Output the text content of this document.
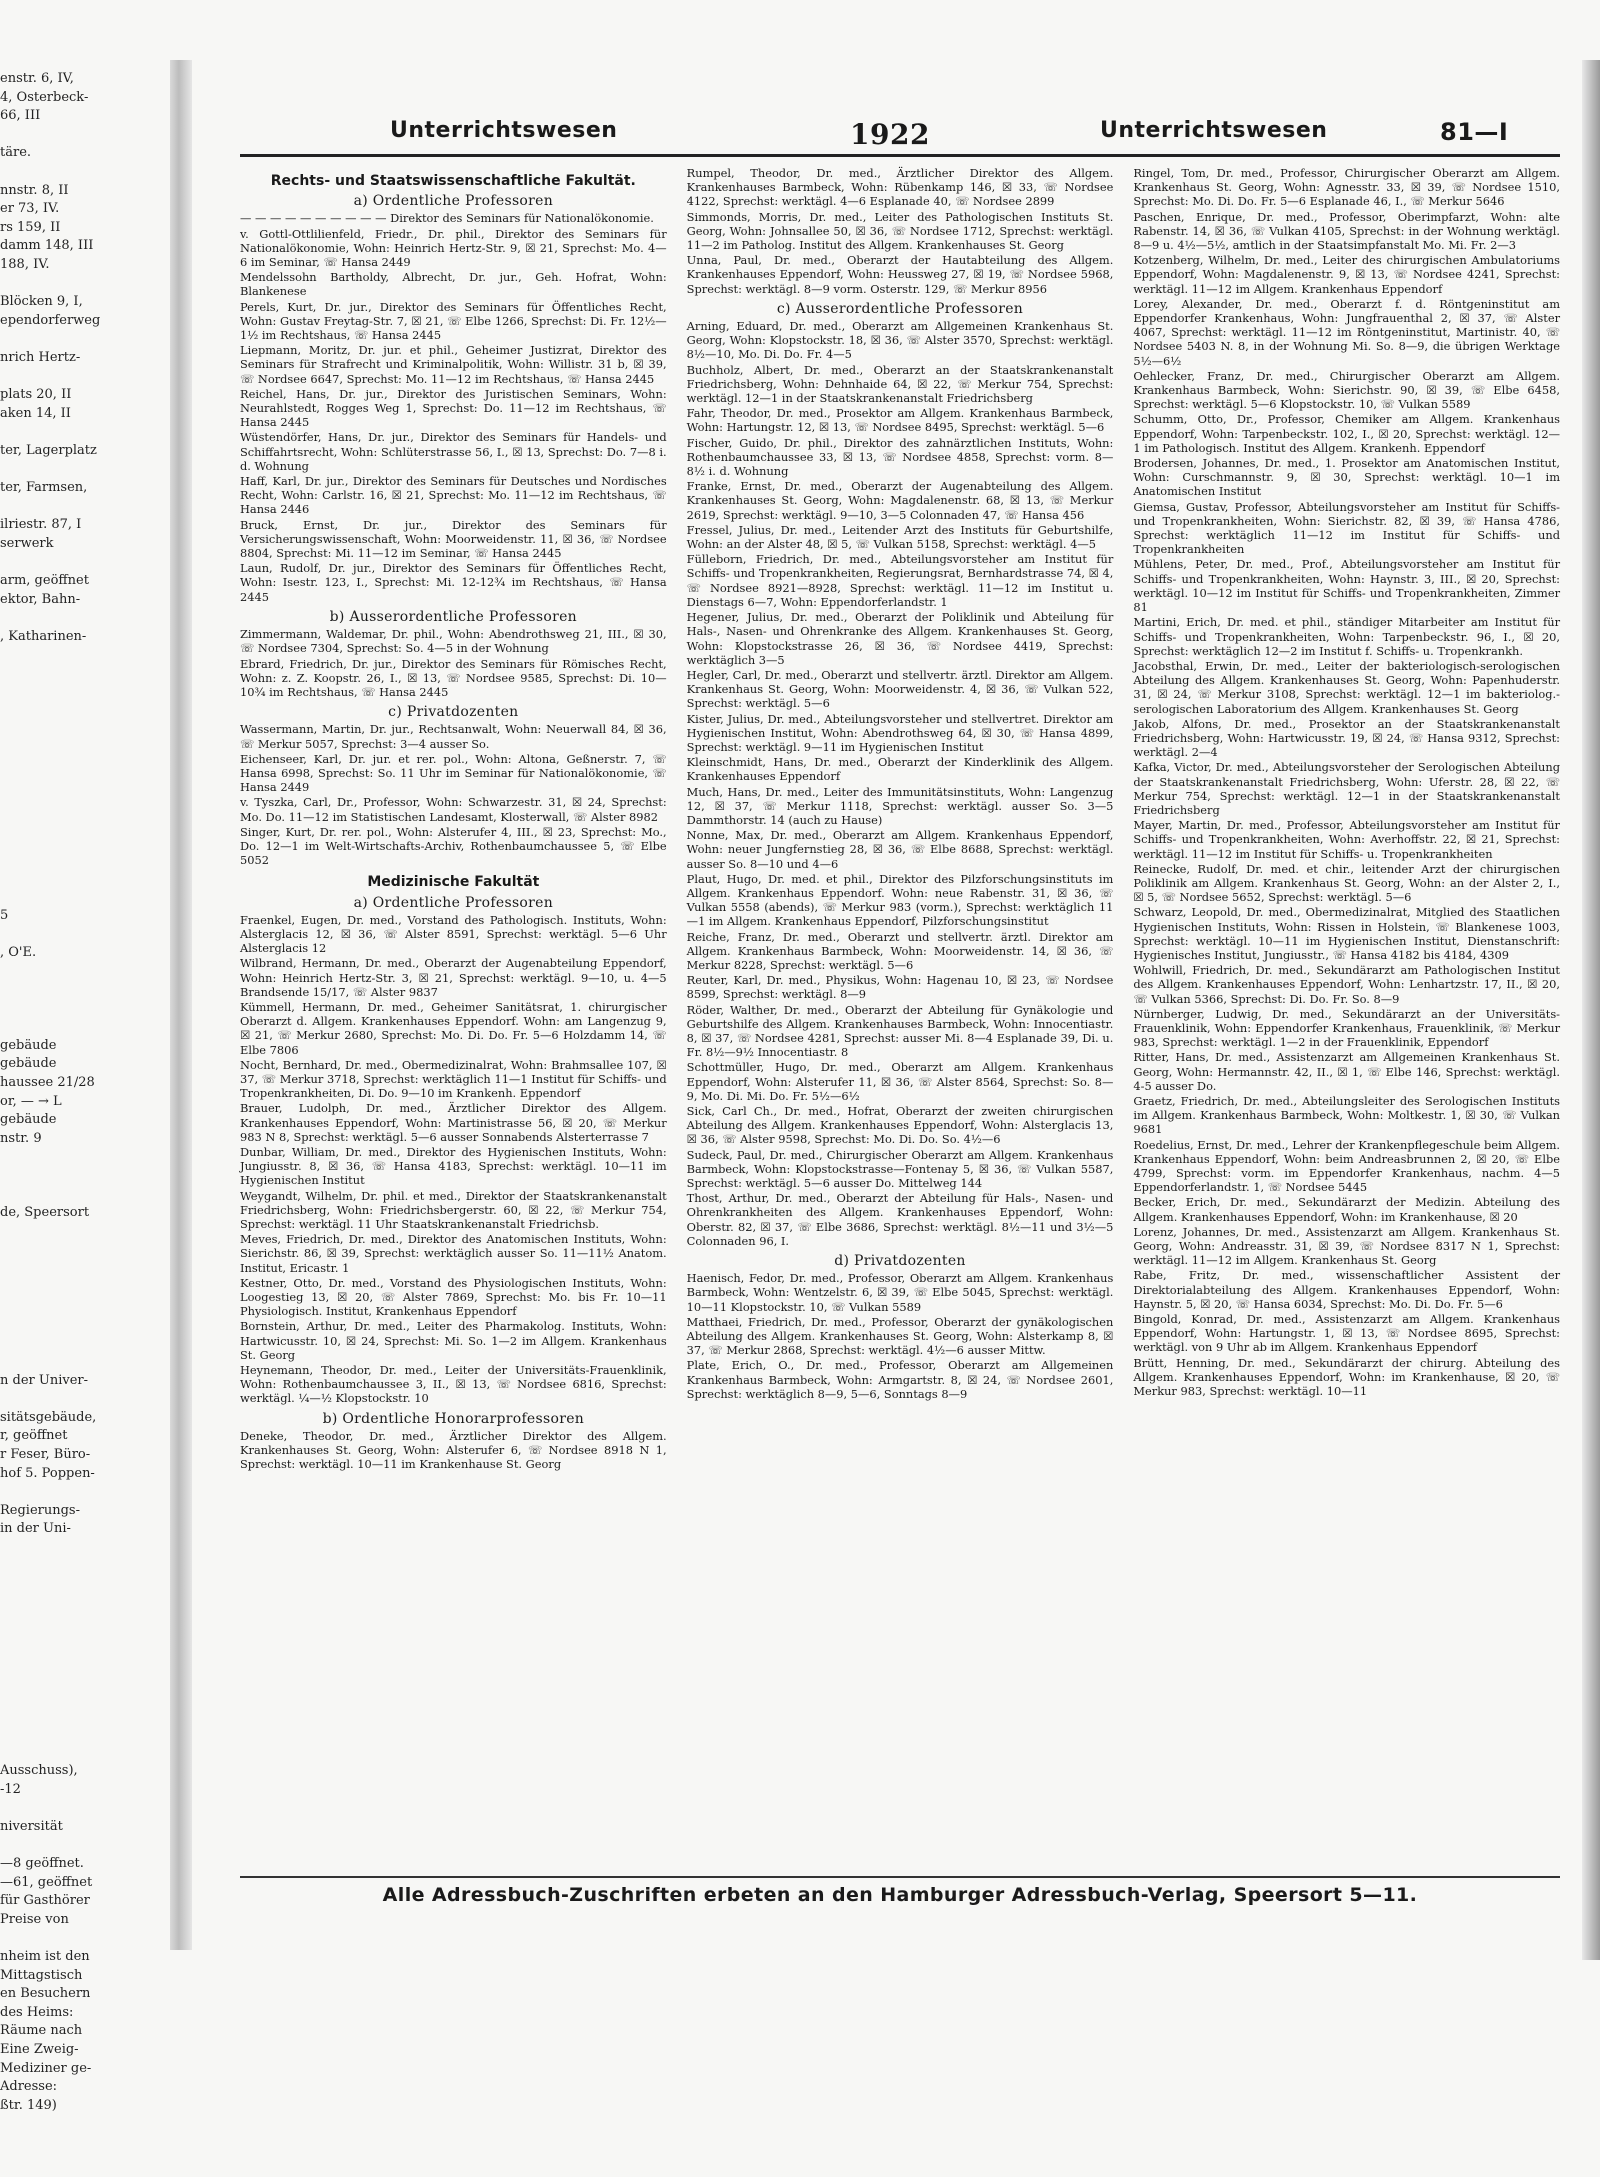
enstr. 6, IV,
4, Osterbeck-
66, III

täre.

nnstr. 8, II
er 73, IV.
rs 159, II
damm 148, III
188, IV.

Blöcken 9, I,
ependorferweg

nrich Hertz-

plats 20, II
aken 14, II

ter, Lagerplatz

ter, Farmsen,

ilriestr. 87, I
serwerk

arm, geöffnet
ektor, Bahn-

, Katharinen-

5

, O'E.

gebäude
gebäude
haussee 21/28
or, — → L
gebäude
nstr. 9

de, Speersort

n der Univer-

sitätsgebäude,
r, geöffnet
r Feser, Büro-
hof 5. Poppen-

Regierungs-
in der Uni-

Ausschuss),
-12

niversität

—8 geöffnet.
—61, geöffnet
für Gasthörer
Preise von

nheim ist den
Mittagstisch
en Besuchern
des Heims:
Räume nach
Eine Zweig-
Mediziner ge-
Adresse:
ßtr. 149)
Unterrichtswesen	1922	Unterrichtswesen	81—I
Rechts- und Staatswissenschaftliche Fakultät.
a) Ordentliche Professoren
— — — — — — — — — — Direktor des Seminars für Nationalökonomie.
v. Gottl-Ottlilienfeld, Friedr., Dr. phil., Direktor des Seminars für Nationalökonomie, Wohn: Heinrich Hertz-Str. 9, ☒ 21, Sprechst: Mo. 4—6 im Seminar, ☏ Hansa 2449
Mendelssohn Bartholdy, Albrecht, Dr. jur., Geh. Hofrat, Wohn: Blankenese
Perels, Kurt, Dr. jur., Direktor des Seminars für Öffentliches Recht, Wohn: Gustav Freytag-Str. 7, ☒ 21, ☏ Elbe 1266, Sprechst: Di. Fr. 12½—1½ im Rechtshaus, ☏ Hansa 2445
Liepmann, Moritz, Dr. jur. et phil., Geheimer Justizrat, Direktor des Seminars für Strafrecht und Kriminalpolitik, Wohn: Willistr. 31 b, ☒ 39, ☏ Nordsee 6647, Sprechst: Mo. 11—12 im Rechtshaus, ☏ Hansa 2445
Reichel, Hans, Dr. jur., Direktor des Juristischen Seminars, Wohn: Neurahlstedt, Rogges Weg 1, Sprechst: Do. 11—12 im Rechtshaus, ☏ Hansa 2445
Wüstendörfer, Hans, Dr. jur., Direktor des Seminars für Handels- und Schiffahrtsrecht, Wohn: Schlüterstrasse 56, I., ☒ 13, Sprechst: Do. 7—8 i. d. Wohnung
Haff, Karl, Dr. jur., Direktor des Seminars für Deutsches und Nordisches Recht, Wohn: Carlstr. 16, ☒ 21, Sprechst: Mo. 11—12 im Rechtshaus, ☏ Hansa 2446
Bruck, Ernst, Dr. jur., Direktor des Seminars für Versicherungswissenschaft, Wohn: Moorweidenstr. 11, ☒ 36, ☏ Nordsee 8804, Sprechst: Mi. 11—12 im Seminar, ☏ Hansa 2445
Laun, Rudolf, Dr. jur., Direktor des Seminars für Öffentliches Recht, Wohn: Isestr. 123, I., Sprechst: Mi. 12-12¾ im Rechtshaus, ☏ Hansa 2445
b) Ausserordentliche Professoren
Zimmermann, Waldemar, Dr. phil., Wohn: Abendrothsweg 21, III., ☒ 30, ☏ Nordsee 7304, Sprechst: So. 4—5 in der Wohnung
Ebrard, Friedrich, Dr. jur., Direktor des Seminars für Römisches Recht, Wohn: z. Z. Koopstr. 26, I., ☒ 13, ☏ Nordsee 9585, Sprechst: Di. 10—10¾ im Rechtshaus, ☏ Hansa 2445
c) Privatdozenten
Wassermann, Martin, Dr. jur., Rechtsanwalt, Wohn: Neuerwall 84, ☒ 36, ☏ Merkur 5057, Sprechst: 3—4 ausser So.
Eichenseer, Karl, Dr. jur. et rer. pol., Wohn: Altona, Geßnerstr. 7, ☏ Hansa 6998, Sprechst: So. 11 Uhr im Seminar für Nationalökonomie, ☏ Hansa 2449
v. Tyszka, Carl, Dr., Professor, Wohn: Schwarzestr. 31, ☒ 24, Sprechst: Mo. Do. 11—12 im Statistischen Landesamt, Klosterwall, ☏ Alster 8982
Singer, Kurt, Dr. rer. pol., Wohn: Alsterufer 4, III., ☒ 23, Sprechst: Mo., Do. 12—1 im Welt-Wirtschafts-Archiv, Rothenbaumchaussee 5, ☏ Elbe 5052
Medizinische Fakultät
a) Ordentliche Professoren
Fraenkel, Eugen, Dr. med., Vorstand des Pathologisch. Instituts, Wohn: Alsterglacis 12, ☒ 36, ☏ Alster 8591, Sprechst: werktägl. 5—6 Uhr Alsterglacis 12
Wilbrand, Hermann, Dr. med., Oberarzt der Augenabteilung Eppendorf, Wohn: Heinrich Hertz-Str. 3, ☒ 21, Sprechst: werktägl. 9—10, u. 4—5 Brandsende 15/17, ☏ Alster 9837
Kümmell, Hermann, Dr. med., Geheimer Sanitätsrat, 1. chirurgischer Oberarzt d. Allgem. Krankenhauses Eppendorf. Wohn: am Langenzug 9, ☒ 21, ☏ Merkur 2680, Sprechst: Mo. Di. Do. Fr. 5—6 Holzdamm 14, ☏ Elbe 7806
Nocht, Bernhard, Dr. med., Obermedizinalrat, Wohn: Brahmsallee 107, ☒ 37, ☏ Merkur 3718, Sprechst: werktäglich 11—1 Institut für Schiffs- und Tropenkrankheiten, Di. Do. 9—10 im Krankenh. Eppendorf
Brauer, Ludolph, Dr. med., Ärztlicher Direktor des Allgem. Krankenhauses Eppendorf, Wohn: Martinistrasse 56, ☒ 20, ☏ Merkur 983 N 8, Sprechst: werktägl. 5—6 ausser Sonnabends Alsterterrasse 7
Dunbar, William, Dr. med., Direktor des Hygienischen Instituts, Wohn: Jungiusstr. 8, ☒ 36, ☏ Hansa 4183, Sprechst: werktägl. 10—11 im Hygienischen Institut
Weygandt, Wilhelm, Dr. phil. et med., Direktor der Staatskrankenanstalt Friedrichsberg, Wohn: Friedrichsbergerstr. 60, ☒ 22, ☏ Merkur 754, Sprechst: werktägl. 11 Uhr Staatskrankenanstalt Friedrichsb.
Meves, Friedrich, Dr. med., Direktor des Anatomischen Instituts, Wohn: Sierichstr. 86, ☒ 39, Sprechst: werktäglich ausser So. 11—11½ Anatom. Institut, Ericastr. 1
Kestner, Otto, Dr. med., Vorstand des Physiologischen Instituts, Wohn: Loogestieg 13, ☒ 20, ☏ Alster 7869, Sprechst: Mo. bis Fr. 10—11 Physiologisch. Institut, Krankenhaus Eppendorf
Bornstein, Arthur, Dr. med., Leiter des Pharmakolog. Instituts, Wohn: Hartwicusstr. 10, ☒ 24, Sprechst: Mi. So. 1—2 im Allgem. Krankenhaus St. Georg
Heynemann, Theodor, Dr. med., Leiter der Universitäts-Frauenklinik, Wohn: Rothenbaumchaussee 3, II., ☒ 13, ☏ Nordsee 6816, Sprechst: werktägl. ¼—½ Klopstockstr. 10
b) Ordentliche Honorarprofessoren
Deneke, Theodor, Dr. med., Ärztlicher Direktor des Allgem. Krankenhauses St. Georg, Wohn: Alsterufer 6, ☏ Nordsee 8918 N 1, Sprechst: werktägl. 10—11 im Krankenhause St. Georg
Rumpel, Theodor, Dr. med., Ärztlicher Direktor des Allgem. Krankenhauses Barmbeck, Wohn: Rübenkamp 146, ☒ 33, ☏ Nordsee 4122, Sprechst: werktägl. 4—6 Esplanade 40, ☏ Nordsee 2899
Simmonds, Morris, Dr. med., Leiter des Pathologischen Instituts St. Georg, Wohn: Johnsallee 50, ☒ 36, ☏ Nordsee 1712, Sprechst: werktägl. 11—2 im Patholog. Institut des Allgem. Krankenhauses St. Georg
Unna, Paul, Dr. med., Oberarzt der Hautabteilung des Allgem. Krankenhauses Eppendorf, Wohn: Heussweg 27, ☒ 19, ☏ Nordsee 5968, Sprechst: werktägl. 8—9 vorm. Osterstr. 129, ☏ Merkur 8956
c) Ausserordentliche Professoren
Arning, Eduard, Dr. med., Oberarzt am Allgemeinen Krankenhaus St. Georg, Wohn: Klopstockstr. 18, ☒ 36, ☏ Alster 3570, Sprechst: werktägl. 8½—10, Mo. Di. Do. Fr. 4—5
Buchholz, Albert, Dr. med., Oberarzt an der Staatskrankenanstalt Friedrichsberg, Wohn: Dehnhaide 64, ☒ 22, ☏ Merkur 754, Sprechst: werktägl. 12—1 in der Staatskrankenanstalt Friedrichsberg
Fahr, Theodor, Dr. med., Prosektor am Allgem. Krankenhaus Barmbeck, Wohn: Hartungstr. 12, ☒ 13, ☏ Nordsee 8495, Sprechst: werktägl. 5—6
Fischer, Guido, Dr. phil., Direktor des zahnärztlichen Instituts, Wohn: Rothenbaumchaussee 33, ☒ 13, ☏ Nordsee 4858, Sprechst: vorm. 8—8½ i. d. Wohnung
Franke, Ernst, Dr. med., Oberarzt der Augenabteilung des Allgem. Krankenhauses St. Georg, Wohn: Magdalenenstr. 68, ☒ 13, ☏ Merkur 2619, Sprechst: werktägl. 9—10, 3—5 Colonnaden 47, ☏ Hansa 456
Fressel, Julius, Dr. med., Leitender Arzt des Instituts für Geburtshilfe, Wohn: an der Alster 48, ☒ 5, ☏ Vulkan 5158, Sprechst: werktägl. 4—5
Fülleborn, Friedrich, Dr. med., Abteilungsvorsteher am Institut für Schiffs- und Tropenkrankheiten, Regierungsrat, Bernhardstrasse 74, ☒ 4, ☏ Nordsee 8921—8928, Sprechst: werktägl. 11—12 im Institut u. Dienstags 6—7, Wohn: Eppendorferlandstr. 1
Hegener, Julius, Dr. med., Oberarzt der Poliklinik und Abteilung für Hals-, Nasen- und Ohrenkranke des Allgem. Krankenhauses St. Georg, Wohn: Klopstockstrasse 26, ☒ 36, ☏ Nordsee 4419, Sprechst: werktäglich 3—5
Hegler, Carl, Dr. med., Oberarzt und stellvertr. ärztl. Direktor am Allgem. Krankenhaus St. Georg, Wohn: Moorweidenstr. 4, ☒ 36, ☏ Vulkan 522, Sprechst: werktägl. 5—6
Kister, Julius, Dr. med., Abteilungsvorsteher und stellvertret. Direktor am Hygienischen Institut, Wohn: Abendrothsweg 64, ☒ 30, ☏ Hansa 4899, Sprechst: werktägl. 9—11 im Hygienischen Institut
Kleinschmidt, Hans, Dr. med., Oberarzt der Kinderklinik des Allgem. Krankenhauses Eppendorf
Much, Hans, Dr. med., Leiter des Immunitätsinstituts, Wohn: Langenzug 12, ☒ 37, ☏ Merkur 1118, Sprechst: werktägl. ausser So. 3—5 Dammthorstr. 14 (auch zu Hause)
Nonne, Max, Dr. med., Oberarzt am Allgem. Krankenhaus Eppendorf, Wohn: neuer Jungfernstieg 28, ☒ 36, ☏ Elbe 8688, Sprechst: werktägl. ausser So. 8—10 und 4—6
Plaut, Hugo, Dr. med. et phil., Direktor des Pilzforschungsinstituts im Allgem. Krankenhaus Eppendorf. Wohn: neue Rabenstr. 31, ☒ 36, ☏ Vulkan 5558 (abends), ☏ Merkur 983 (vorm.), Sprechst: werktäglich 11—1 im Allgem. Krankenhaus Eppendorf, Pilzforschungsinstitut
Reiche, Franz, Dr. med., Oberarzt und stellvertr. ärztl. Direktor am Allgem. Krankenhaus Barmbeck, Wohn: Moorweidenstr. 14, ☒ 36, ☏ Merkur 8228, Sprechst: werktägl. 5—6
Reuter, Karl, Dr. med., Physikus, Wohn: Hagenau 10, ☒ 23, ☏ Nordsee 8599, Sprechst: werktägl. 8—9
Röder, Walther, Dr. med., Oberarzt der Abteilung für Gynäkologie und Geburtshilfe des Allgem. Krankenhauses Barmbeck, Wohn: Innocentiastr. 8, ☒ 37, ☏ Nordsee 4281, Sprechst: ausser Mi. 8—4 Esplanade 39, Di. u. Fr. 8½—9½ Innocentiastr. 8
Schottmüller, Hugo, Dr. med., Oberarzt am Allgem. Krankenhaus Eppendorf, Wohn: Alsterufer 11, ☒ 36, ☏ Alster 8564, Sprechst: So. 8—9, Mo. Di. Mi. Do. Fr. 5½—6½
Sick, Carl Ch., Dr. med., Hofrat, Oberarzt der zweiten chirurgischen Abteilung des Allgem. Krankenhauses Eppendorf, Wohn: Alsterglacis 13, ☒ 36, ☏ Alster 9598, Sprechst: Mo. Di. Do. So. 4½—6
Sudeck, Paul, Dr. med., Chirurgischer Oberarzt am Allgem. Krankenhaus Barmbeck, Wohn: Klopstockstrasse—Fontenay 5, ☒ 36, ☏ Vulkan 5587, Sprechst: werktägl. 5—6 ausser Do. Mittelweg 144
Thost, Arthur, Dr. med., Oberarzt der Abteilung für Hals-, Nasen- und Ohrenkrankheiten des Allgem. Krankenhauses Eppendorf, Wohn: Oberstr. 82, ☒ 37, ☏ Elbe 3686, Sprechst: werktägl. 8½—11 und 3½—5 Colonnaden 96, I.
d) Privatdozenten
Haenisch, Fedor, Dr. med., Professor, Oberarzt am Allgem. Krankenhaus Barmbeck, Wohn: Wentzelstr. 6, ☒ 39, ☏ Elbe 5045, Sprechst: werktägl. 10—11 Klopstockstr. 10, ☏ Vulkan 5589
Matthaei, Friedrich, Dr. med., Professor, Oberarzt der gynäkologischen Abteilung des Allgem. Krankenhauses St. Georg, Wohn: Alsterkamp 8, ☒ 37, ☏ Merkur 2868, Sprechst: werktägl. 4½—6 ausser Mittw.
Plate, Erich, O., Dr. med., Professor, Oberarzt am Allgemeinen Krankenhaus Barmbeck, Wohn: Armgartstr. 8, ☒ 24, ☏ Nordsee 2601, Sprechst: werktäglich 8—9, 5—6, Sonntags 8—9
Ringel, Tom, Dr. med., Professor, Chirurgischer Oberarzt am Allgem. Krankenhaus St. Georg, Wohn: Agnesstr. 33, ☒ 39, ☏ Nordsee 1510, Sprechst: Mo. Di. Do. Fr. 5—6 Esplanade 46, I., ☏ Merkur 5646
Paschen, Enrique, Dr. med., Professor, Oberimpfarzt, Wohn: alte Rabenstr. 14, ☒ 36, ☏ Vulkan 4105, Sprechst: in der Wohnung werktägl. 8—9 u. 4½—5½, amtlich in der Staatsimpfanstalt Mo. Mi. Fr. 2—3
Kotzenberg, Wilhelm, Dr. med., Leiter des chirurgischen Ambulatoriums Eppendorf, Wohn: Magdalenenstr. 9, ☒ 13, ☏ Nordsee 4241, Sprechst: werktägl. 11—12 im Allgem. Krankenhaus Eppendorf
Lorey, Alexander, Dr. med., Oberarzt f. d. Röntgeninstitut am Eppendorfer Krankenhaus, Wohn: Jungfrauenthal 2, ☒ 37, ☏ Alster 4067, Sprechst: werktägl. 11—12 im Röntgeninstitut, Martinistr. 40, ☏ Nordsee 5403 N. 8, in der Wohnung Mi. So. 8—9, die übrigen Werktage 5½—6½
Oehlecker, Franz, Dr. med., Chirurgischer Oberarzt am Allgem. Krankenhaus Barmbeck, Wohn: Sierichstr. 90, ☒ 39, ☏ Elbe 6458, Sprechst: werktägl. 5—6 Klopstockstr. 10, ☏ Vulkan 5589
Schumm, Otto, Dr., Professor, Chemiker am Allgem. Krankenhaus Eppendorf, Wohn: Tarpenbeckstr. 102, I., ☒ 20, Sprechst: werktägl. 12—1 im Pathologisch. Institut des Allgem. Krankenh. Eppendorf
Brodersen, Johannes, Dr. med., 1. Prosektor am Anatomischen Institut, Wohn: Curschmannstr. 9, ☒ 30, Sprechst: werktägl. 10—1 im Anatomischen Institut
Giemsa, Gustav, Professor, Abteilungsvorsteher am Institut für Schiffs- und Tropenkrankheiten, Wohn: Sierichstr. 82, ☒ 39, ☏ Hansa 4786, Sprechst: werktäglich 11—12 im Institut für Schiffs- und Tropenkrankheiten
Mühlens, Peter, Dr. med., Prof., Abteilungsvorsteher am Institut für Schiffs- und Tropenkrankheiten, Wohn: Haynstr. 3, III., ☒ 20, Sprechst: werktägl. 10—12 im Institut für Schiffs- und Tropenkrankheiten, Zimmer 81
Martini, Erich, Dr. med. et phil., ständiger Mitarbeiter am Institut für Schiffs- und Tropenkrankheiten, Wohn: Tarpenbeckstr. 96, I., ☒ 20, Sprechst: werktäglich 12—2 im Institut f. Schiffs- u. Tropenkrankh.
Jacobsthal, Erwin, Dr. med., Leiter der bakteriologisch-serologischen Abteilung des Allgem. Krankenhauses St. Georg, Wohn: Papenhuderstr. 31, ☒ 24, ☏ Merkur 3108, Sprechst: werktägl. 12—1 im bakteriolog.-serologischen Laboratorium des Allgem. Krankenhauses St. Georg
Jakob, Alfons, Dr. med., Prosektor an der Staatskrankenanstalt Friedrichsberg, Wohn: Hartwicusstr. 19, ☒ 24, ☏ Hansa 9312, Sprechst: werktägl. 2—4
Kafka, Victor, Dr. med., Abteilungsvorsteher der Serologischen Abteilung der Staatskrankenanstalt Friedrichsberg, Wohn: Uferstr. 28, ☒ 22, ☏ Merkur 754, Sprechst: werktägl. 12—1 in der Staatskrankenanstalt Friedrichsberg
Mayer, Martin, Dr. med., Professor, Abteilungsvorsteher am Institut für Schiffs- und Tropenkrankheiten, Wohn: Averhoffstr. 22, ☒ 21, Sprechst: werktägl. 11—12 im Institut für Schiffs- u. Tropenkrankheiten
Reinecke, Rudolf, Dr. med. et chir., leitender Arzt der chirurgischen Poliklinik am Allgem. Krankenhaus St. Georg, Wohn: an der Alster 2, I., ☒ 5, ☏ Nordsee 5652, Sprechst: werktägl. 5—6
Schwarz, Leopold, Dr. med., Obermedizinalrat, Mitglied des Staatlichen Hygienischen Instituts, Wohn: Rissen in Holstein, ☏ Blankenese 1003, Sprechst: werktägl. 10—11 im Hygienischen Institut, Dienstanschrift: Hygienisches Institut, Jungiusstr., ☏ Hansa 4182 bis 4184, 4309
Wohlwill, Friedrich, Dr. med., Sekundärarzt am Pathologischen Institut des Allgem. Krankenhauses Eppendorf, Wohn: Lenhartzstr. 17, II., ☒ 20, ☏ Vulkan 5366, Sprechst: Di. Do. Fr. So. 8—9
Nürnberger, Ludwig, Dr. med., Sekundärarzt an der Universitäts-Frauenklinik, Wohn: Eppendorfer Krankenhaus, Frauenklinik, ☏ Merkur 983, Sprechst: werktägl. 1—2 in der Frauenklinik, Eppendorf
Ritter, Hans, Dr. med., Assistenzarzt am Allgemeinen Krankenhaus St. Georg, Wohn: Hermannstr. 42, II., ☒ 1, ☏ Elbe 146, Sprechst: werktägl. 4-5 ausser Do.
Graetz, Friedrich, Dr. med., Abteilungsleiter des Serologischen Instituts im Allgem. Krankenhaus Barmbeck, Wohn: Moltkestr. 1, ☒ 30, ☏ Vulkan 9681
Roedelius, Ernst, Dr. med., Lehrer der Krankenpflegeschule beim Allgem. Krankenhaus Eppendorf, Wohn: beim Andreasbrunnen 2, ☒ 20, ☏ Elbe 4799, Sprechst: vorm. im Eppendorfer Krankenhaus, nachm. 4—5 Eppendorferlandstr. 1, ☏ Nordsee 5445
Becker, Erich, Dr. med., Sekundärarzt der Medizin. Abteilung des Allgem. Krankenhauses Eppendorf, Wohn: im Krankenhause, ☒ 20
Lorenz, Johannes, Dr. med., Assistenzarzt am Allgem. Krankenhaus St. Georg, Wohn: Andreasstr. 31, ☒ 39, ☏ Nordsee 8317 N 1, Sprechst: werktägl. 11—12 im Allgem. Krankenhaus St. Georg
Rabe, Fritz, Dr. med., wissenschaftlicher Assistent der Direktorialabteilung des Allgem. Krankenhauses Eppendorf, Wohn: Haynstr. 5, ☒ 20, ☏ Hansa 6034, Sprechst: Mo. Di. Do. Fr. 5—6
Bingold, Konrad, Dr. med., Assistenzarzt am Allgem. Krankenhaus Eppendorf, Wohn: Hartungstr. 1, ☒ 13, ☏ Nordsee 8695, Sprechst: werktägl. von 9 Uhr ab im Allgem. Krankenhaus Eppendorf
Brütt, Henning, Dr. med., Sekundärarzt der chirurg. Abteilung des Allgem. Krankenhauses Eppendorf, Wohn: im Krankenhause, ☒ 20, ☏ Merkur 983, Sprechst: werktägl. 10—11
Alle Adressbuch-Zuschriften erbeten an den Hamburger Adressbuch-Verlag, Speersort 5—11.
